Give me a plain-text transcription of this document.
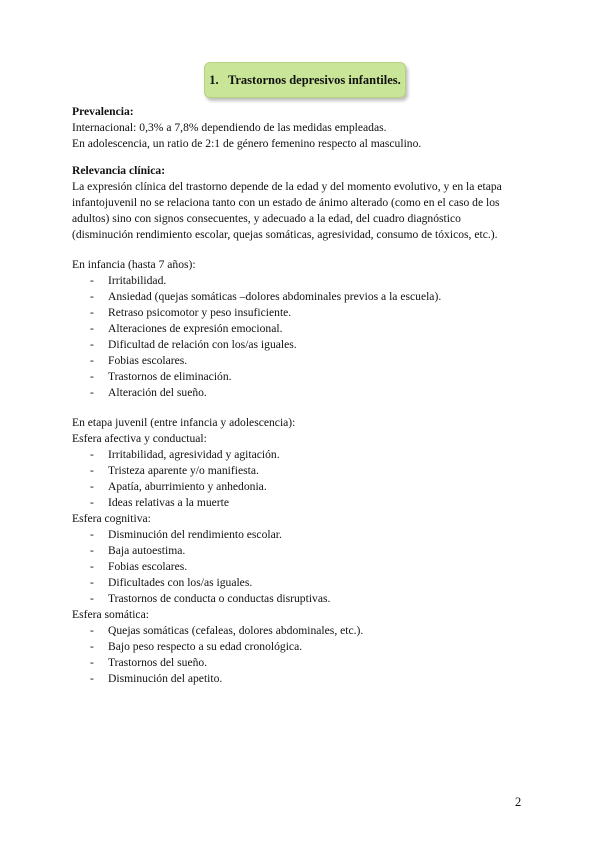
1.   Trastornos depresivos infantiles.
Prevalencia:
Internacional: 0,3% a 7,8% dependiendo de las medidas empleadas.
En adolescencia, un ratio de 2:1 de género femenino respecto al masculino.
Relevancia clínica:
La expresión clínica del trastorno depende de la edad y del momento evolutivo, y en la etapa
infantojuvenil no se relaciona tanto con un estado de ánimo alterado (como en el caso de los
adultos) sino con signos consecuentes, y adecuado a la edad, del cuadro diagnóstico
(disminución rendimiento escolar, quejas somáticas, agresividad, consumo de tóxicos, etc.).
En infancia (hasta 7 años):
- Irritabilidad.
- Ansiedad (quejas somáticas –dolores abdominales previos a la escuela).
- Retraso psicomotor y peso insuficiente.
- Alteraciones de expresión emocional.
- Dificultad de relación con los/as iguales.
- Fobias escolares.
- Trastornos de eliminación.
- Alteración del sueño.
En etapa juvenil (entre infancia y adolescencia):
Esfera afectiva y conductual:
- Irritabilidad, agresividad y agitación.
- Tristeza aparente y/o manifiesta.
- Apatía, aburrimiento y anhedonia.
- Ideas relativas a la muerte
Esfera cognitiva:
- Disminución del rendimiento escolar.
- Baja autoestima.
- Fobias escolares.
- Dificultades con los/as iguales.
- Trastornos de conducta o conductas disruptivas.
Esfera somática:
- Quejas somáticas (cefaleas, dolores abdominales, etc.).
- Bajo peso respecto a su edad cronológica.
- Trastornos del sueño.
- Disminución del apetito.
2
